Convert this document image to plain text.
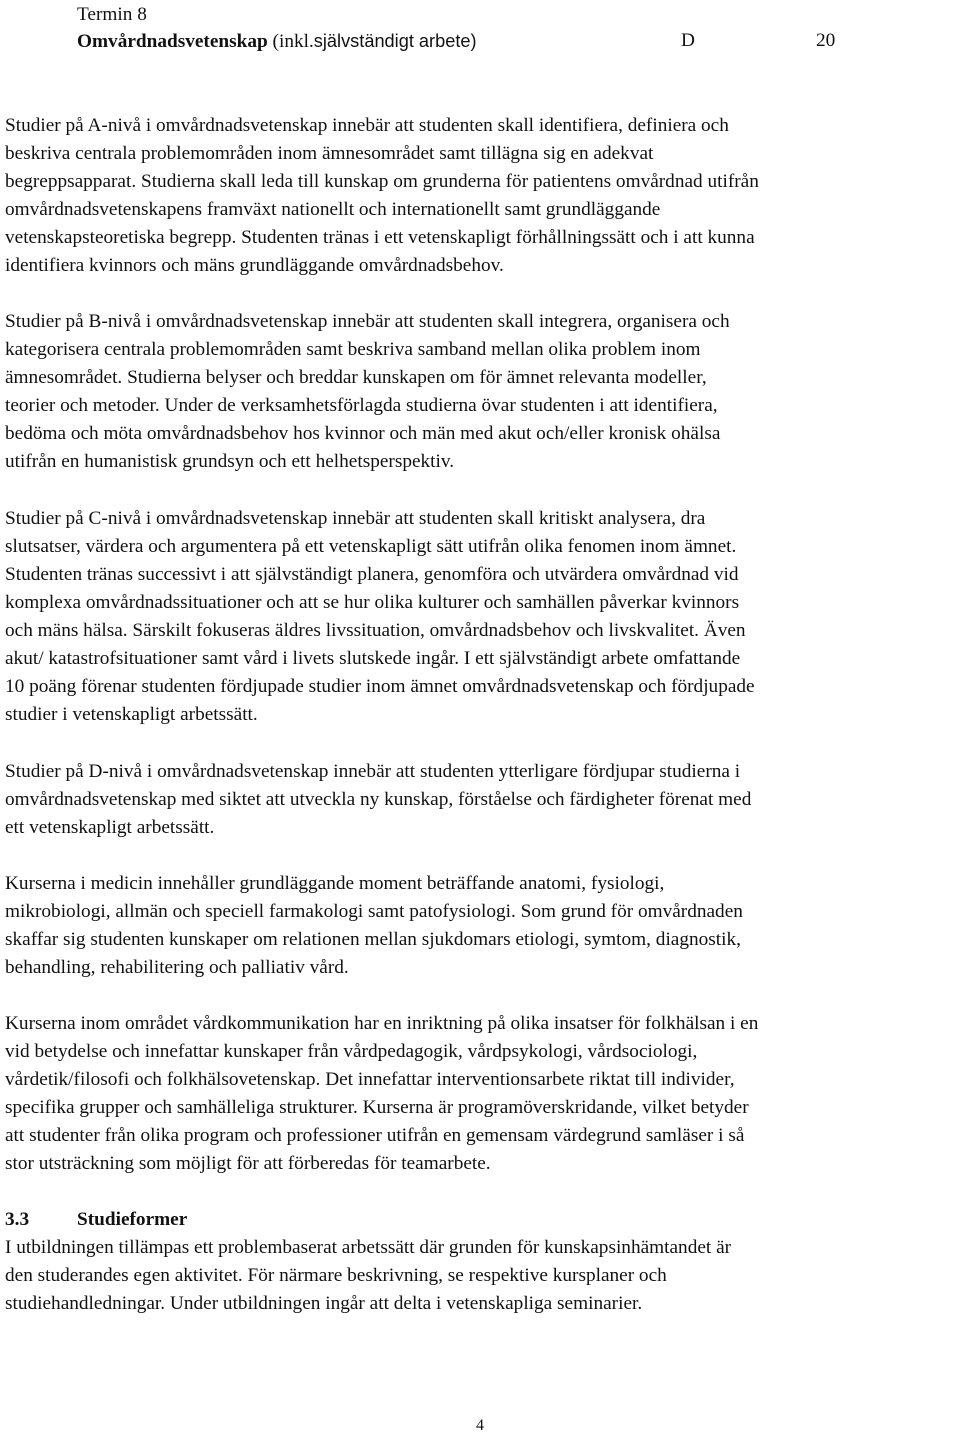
Termin 8
Omvårdnadsvetenskap (inkl.självständigt arbete)	D	20

Studier på A-nivå i omvårdnadsvetenskap innebär att studenten skall identifiera, definiera och

beskriva centrala problemområden inom ämnesområdet samt tillägna sig en adekvat

begreppsapparat. Studierna skall leda till kunskap om grunderna för patientens omvårdnad utifrån

omvårdnadsvetenskapens framväxt nationellt och internationellt samt grundläggande

vetenskapsteoretiska begrepp. Studenten tränas i ett vetenskapligt förhållningssätt och i att kunna

identifiera kvinnors och mäns grundläggande omvårdnadsbehov.

Studier på B-nivå i omvårdnadsvetenskap innebär att studenten skall integrera, organisera och

kategorisera centrala problemområden samt beskriva samband mellan olika problem inom

ämnesområdet. Studierna belyser och breddar kunskapen om för ämnet relevanta modeller,

teorier och metoder. Under de verksamhetsförlagda studierna övar studenten i att identifiera,

bedöma och möta omvårdnadsbehov hos kvinnor och män med akut och/eller kronisk ohälsa

utifrån en humanistisk grundsyn och ett helhetsperspektiv.

Studier på C-nivå i omvårdnadsvetenskap innebär att studenten skall kritiskt analysera, dra

slutsatser, värdera och argumentera på ett vetenskapligt sätt utifrån olika fenomen inom ämnet.

Studenten tränas successivt i att självständigt planera, genomföra och utvärdera omvårdnad vid

komplexa omvårdnadssituationer och att se hur olika kulturer och samhällen påverkar kvinnors

och mäns hälsa. Särskilt fokuseras äldres livssituation, omvårdnadsbehov och livskvalitet. Även

akut/ katastrofsituationer samt vård i livets slutskede ingår. I ett självständigt arbete omfattande

10 poäng förenar studenten fördjupade studier inom ämnet omvårdnadsvetenskap och fördjupade

studier i vetenskapligt arbetssätt.

Studier på D-nivå i omvårdnadsvetenskap innebär att studenten ytterligare fördjupar studierna i

omvårdnadsvetenskap med siktet att utveckla ny kunskap, förståelse och färdigheter förenat med

ett vetenskapligt arbetssätt.

Kurserna i medicin innehåller grundläggande moment beträffande anatomi, fysiologi,

mikrobiologi, allmän och speciell farmakologi samt patofysiologi. Som grund för omvårdnaden

skaffar sig studenten kunskaper om relationen mellan sjukdomars etiologi, symtom, diagnostik,

behandling, rehabilitering och palliativ vård.

Kurserna inom området vårdkommunikation har en inriktning på olika insatser för folkhälsan i en

vid betydelse och innefattar kunskaper från vårdpedagogik, vårdpsykologi, vårdsociologi,

vårdetik/filosofi och folkhälsovetenskap. Det innefattar interventionsarbete riktat till individer,

specifika grupper och samhälleliga strukturer. Kurserna är programöverskridande, vilket betyder

att studenter från olika program och professioner utifrån en gemensam värdegrund samläser i så

stor utsträckning som möjligt för att förberedas för teamarbete.

3.3 Studieformer

I utbildningen tillämpas ett problembaserat arbetssätt där grunden för kunskapsinhämtandet är

den studerandes egen aktivitet. För närmare beskrivning, se respektive kursplaner och

studiehandledningar. Under utbildningen ingår att delta i vetenskapliga seminarier.

4
